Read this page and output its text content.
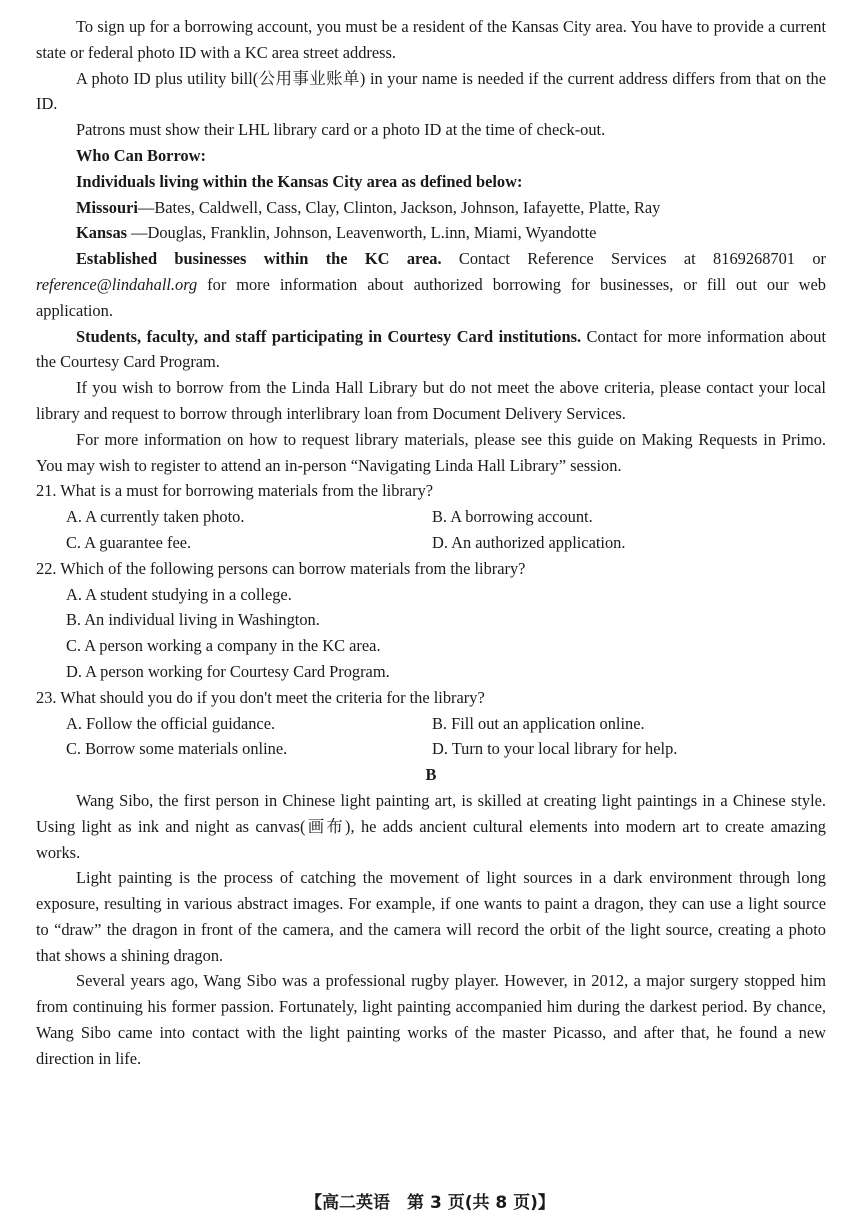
To sign up for a borrowing account, you must be a resident of the Kansas City area. You have to provide a current state or federal photo ID with a KC area street address.

A photo ID plus utility bill(公用事业账单) in your name is needed if the current address differs from that on the ID.

Patrons must show their LHL library card or a photo ID at the time of check-out.

Who Can Borrow:

Individuals living within the Kansas City area as defined below:

Missouri—Bates, Caldwell, Cass, Clay, Clinton, Jackson, Johnson, Iafayette, Platte, Ray

Kansas —Douglas, Franklin, Johnson, Leavenworth, L.inn, Miami, Wyandotte

Established businesses within the KC area. Contact Reference Services at 8169268701 or reference@lindahall.org for more information about authorized borrowing for businesses, or fill out our web application.

Students, faculty, and staff participating in Courtesy Card institutions. Contact for more information about the Courtesy Card Program.

If you wish to borrow from the Linda Hall Library but do not meet the above criteria, please contact your local library and request to borrow through interlibrary loan from Document Delivery Services.

For more information on how to request library materials, please see this guide on Making Requests in Primo. You may wish to register to attend an in-person “Navigating Linda Hall Library” session.

21. What is a must for borrowing materials from the library?

A. A currently taken photo.	B. A borrowing account.
C. A guarantee fee.	D. An authorized application.

22. Which of the following persons can borrow materials from the library?

A. A student studying in a college.

B. An individual living in Washington.

C. A person working a company in the KC area.

D. A person working for Courtesy Card Program.

23. What should you do if you don't meet the criteria for the library?

A. Follow the official guidance.	B. Fill out an application online.
C. Borrow some materials online.	D. Turn to your local library for help.

B

Wang Sibo, the first person in Chinese light painting art, is skilled at creating light paintings in a Chinese style. Using light as ink and night as canvas(画布), he adds ancient cultural elements into modern art to create amazing works.

Light painting is the process of catching the movement of light sources in a dark environment through long exposure, resulting in various abstract images. For example, if one wants to paint a dragon, they can use a light source to “draw” the dragon in front of the camera, and the camera will record the orbit of the light source, creating a photo that shows a shining dragon.

Several years ago, Wang Sibo was a professional rugby player. However, in 2012, a major surgery stopped him from continuing his former passion. Fortunately, light painting accompanied him during the darkest period. By chance, Wang Sibo came into contact with the light painting works of the master Picasso, and after that, he found a new direction in life.

【高二英语　第 3 页(共 8 页)】
